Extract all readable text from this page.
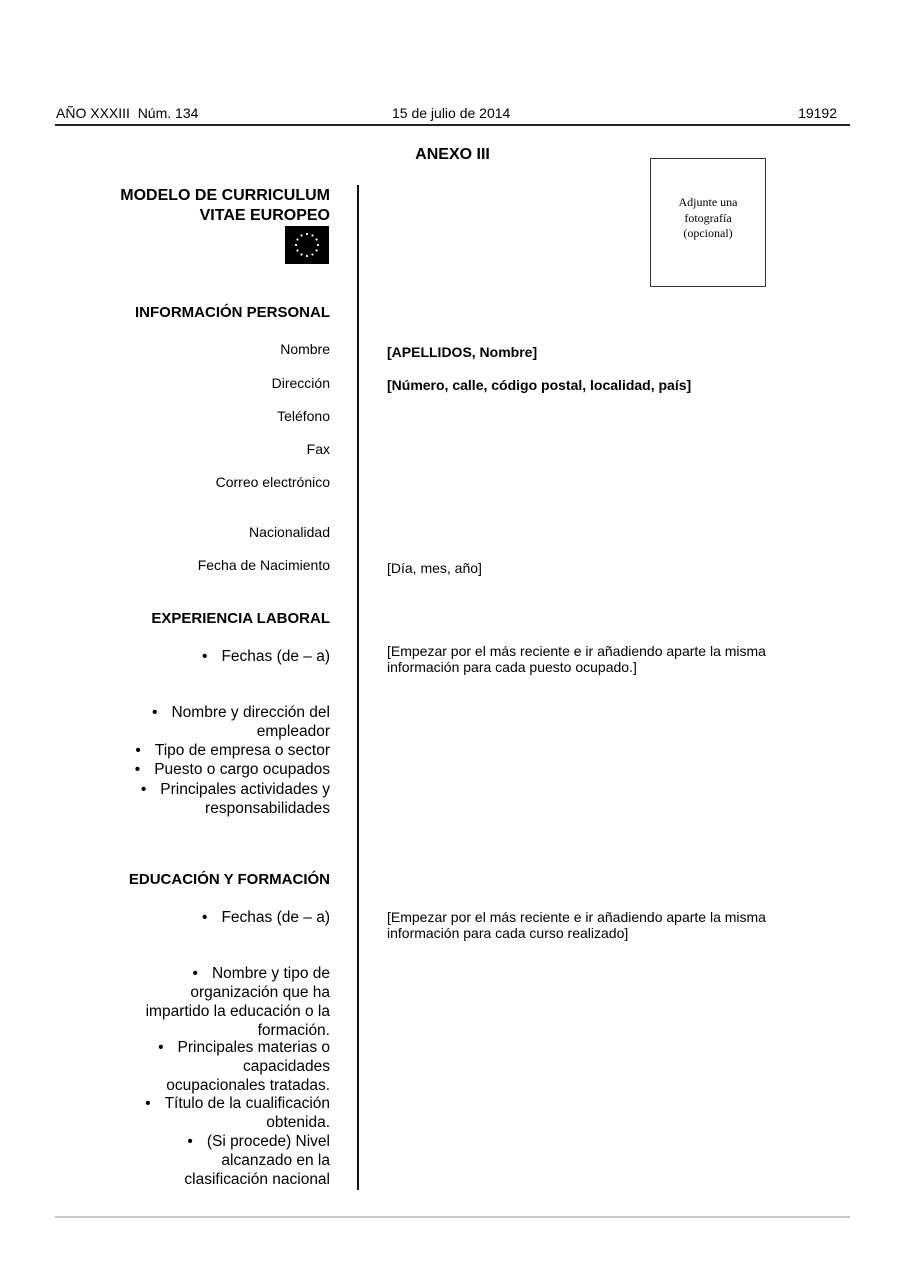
AÑO XXXIII  Núm. 134	15 de julio de 2014	19192
ANEXO III
Adjunte una
fotografía
(opcional)
MODELO DE CURRICULUM
VITAE EUROPEO
INFORMACIÓN PERSONAL
Nombre	[APELLIDOS, Nombre]
Dirección	[Número, calle, código postal, localidad, país]
Teléfono
Fax
Correo electrónico
Nacionalidad
Fecha de Nacimiento	[Día, mes, año]
EXPERIENCIA LABORAL
• Fechas (de – a)	[Empezar por el más reciente e ir añadiendo aparte la misma
información para cada puesto ocupado.]
• Nombre y dirección del
empleador
• Tipo de empresa o sector
• Puesto o cargo ocupados
• Principales actividades y
responsabilidades
EDUCACIÓN Y FORMACIÓN
• Fechas (de – a)	[Empezar por el más reciente e ir añadiendo aparte la misma
información para cada curso realizado]
• Nombre y tipo de
organización que ha
impartido la educación o la
formación.
• Principales materias o
capacidades
ocupacionales tratadas.
• Título de la cualificación
obtenida.
• (Si procede) Nivel
alcanzado en la
clasificación nacional
